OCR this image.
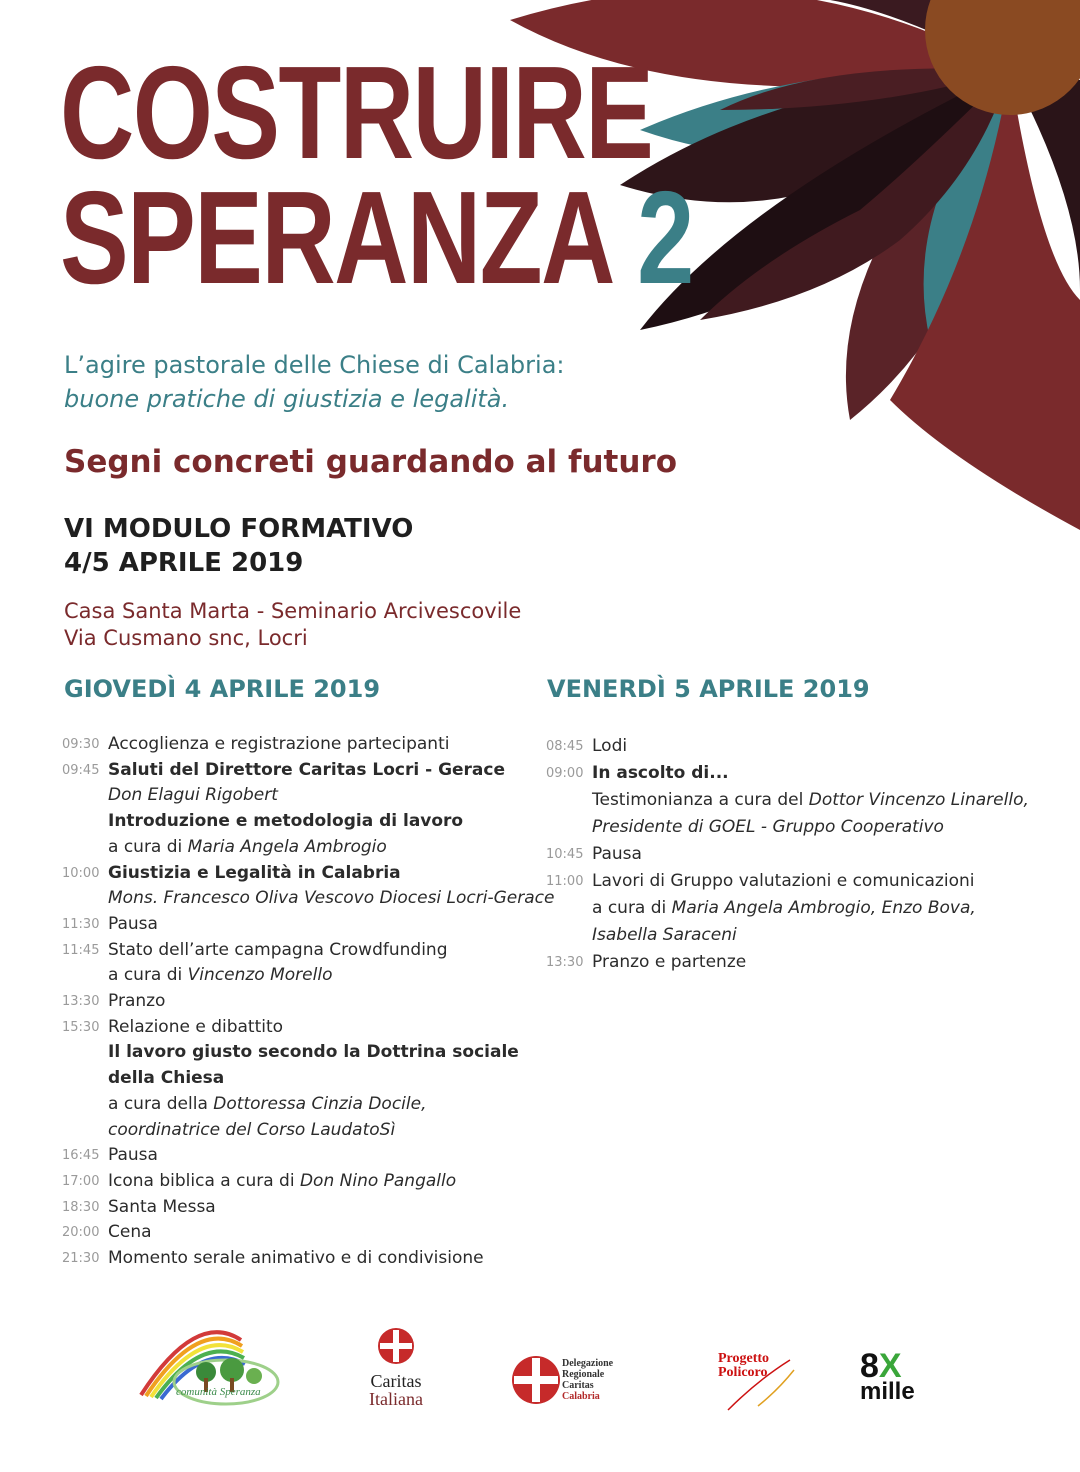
COSTRUIRE
SPERANZA 2
L’agire pastorale delle Chiese di Calabria:
buone pratiche di giustizia e legalità.
Segni concreti guardando al futuro
VI MODULO FORMATIVO
4/5 APRILE 2019
Casa Santa Marta - Seminario Arcivescovile
Via Cusmano snc, Locri
GIOVEDÌ 4 APRILE 2019	VENERDÌ 5 APRILE 2019
09:30 Accoglienza e registrazione partecipanti
09:45 Saluti del Direttore Caritas Locri - Gerace
Don Elagui Rigobert
Introduzione e metodologia di lavoro
a cura di Maria Angela Ambrogio
10:00 Giustizia e Legalità in Calabria
Mons. Francesco Oliva Vescovo Diocesi Locri-Gerace
11:30 Pausa
11:45 Stato dell’arte campagna Crowdfunding
a cura di Vincenzo Morello
13:30 Pranzo
15:30 Relazione e dibattito
Il lavoro giusto secondo la Dottrina sociale
della Chiesa
a cura della Dottoressa Cinzia Docile,
coordinatrice del Corso LaudatoSì
16:45 Pausa
17:00 Icona biblica a cura di Don Nino Pangallo
18:30 Santa Messa
20:00 Cena
21:30 Momento serale animativo e di condivisione
08:45 Lodi
09:00 In ascolto di...
Testimonianza a cura del Dottor Vincenzo Linarello,
Presidente di GOEL - Gruppo Cooperativo
10:45 Pausa
11:00 Lavori di Gruppo valutazioni e comunicazioni
a cura di Maria Angela Ambrogio, Enzo Bova,
Isabella Saraceni
13:30 Pranzo e partenze
comunità Speranza
Caritas
Italiana
Delegazione
Regionale
Caritas
Calabria
Progetto
Policoro	8X
mille
